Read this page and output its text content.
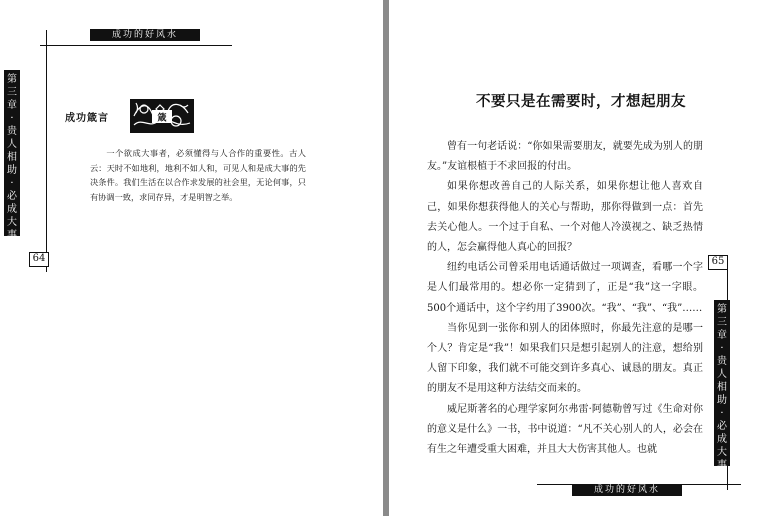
成功的好风水
第
三
章
·
贵
人
相
助
·
必
成
大
事
64
成功箴言	箴
一个欲成大事者，必须懂得与人合作的重要性。古人云：天时不如地利，地利不如人和，可见人和是成大事的先决条件。我们生活在以合作求发展的社会里，无论何事，只有协调一致，求同存异，才是明智之举。
不要只是在需要时，才想起朋友

曾有一句老话说：“你如果需要朋友，就要先成为别人的朋友。”友谊根植于不求回报的付出。

如果你想改善自己的人际关系，如果你想让他人喜欢自己，如果你想获得他人的关心与帮助，那你得做到一点：首先去关心他人。一个过于自私、一个对他人冷漠视之、缺乏热情的人，怎会赢得他人真心的回报？

纽约电话公司曾采用电话通话做过一项调查，看哪一个字是人们最常用的。想必你一定猜到了，正是“我”这一字眼。500个通话中，这个字约用了3900次。“我”、“我”、“我”……

当你见到一张你和别人的团体照时，你最先注意的是哪一个人？肯定是“我”！如果我们只是想引起别人的注意，想给别人留下印象，我们就不可能交到许多真心、诚恳的朋友。真正的朋友不是用这种方法结交而来的。

威尼斯著名的心理学家阿尔弗雷·阿德勒曾写过《生命对你的意义是什么》一书，书中说道：“凡不关心别人的人，必会在有生之年遭受重大困难，并且大大伤害其他人。也就

65
第
三
章
·
贵
人
相
助
·
必
成
大
事
成功的好风水
